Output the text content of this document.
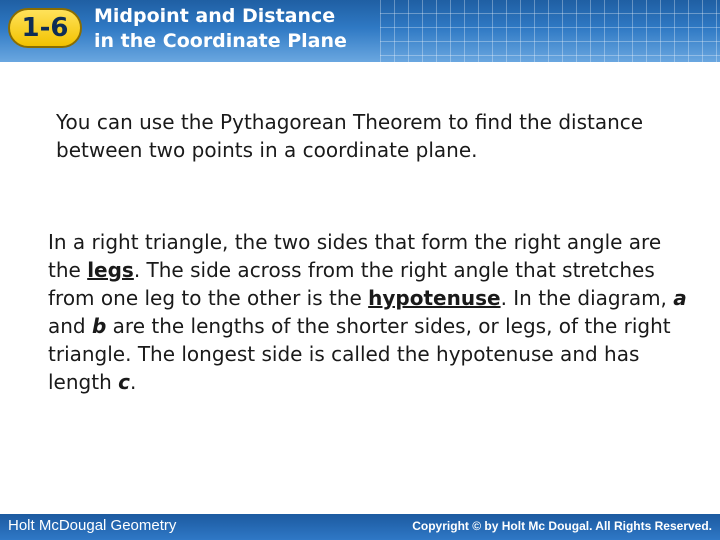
1-6	Midpoint and Distance
in the Coordinate Plane
You can use the Pythagorean Theorem to find the distance between two points in a coordinate plane.
In a right triangle, the two sides that form the right angle are the legs. The side across from the right angle that stretches from one leg to the other is the hypotenuse. In the diagram, a and b are the lengths of the shorter sides, or legs, of the right triangle. The longest side is called the hypotenuse and has length c.
Holt McDougal Geometry	Copyright © by Holt Mc Dougal. All Rights Reserved.
